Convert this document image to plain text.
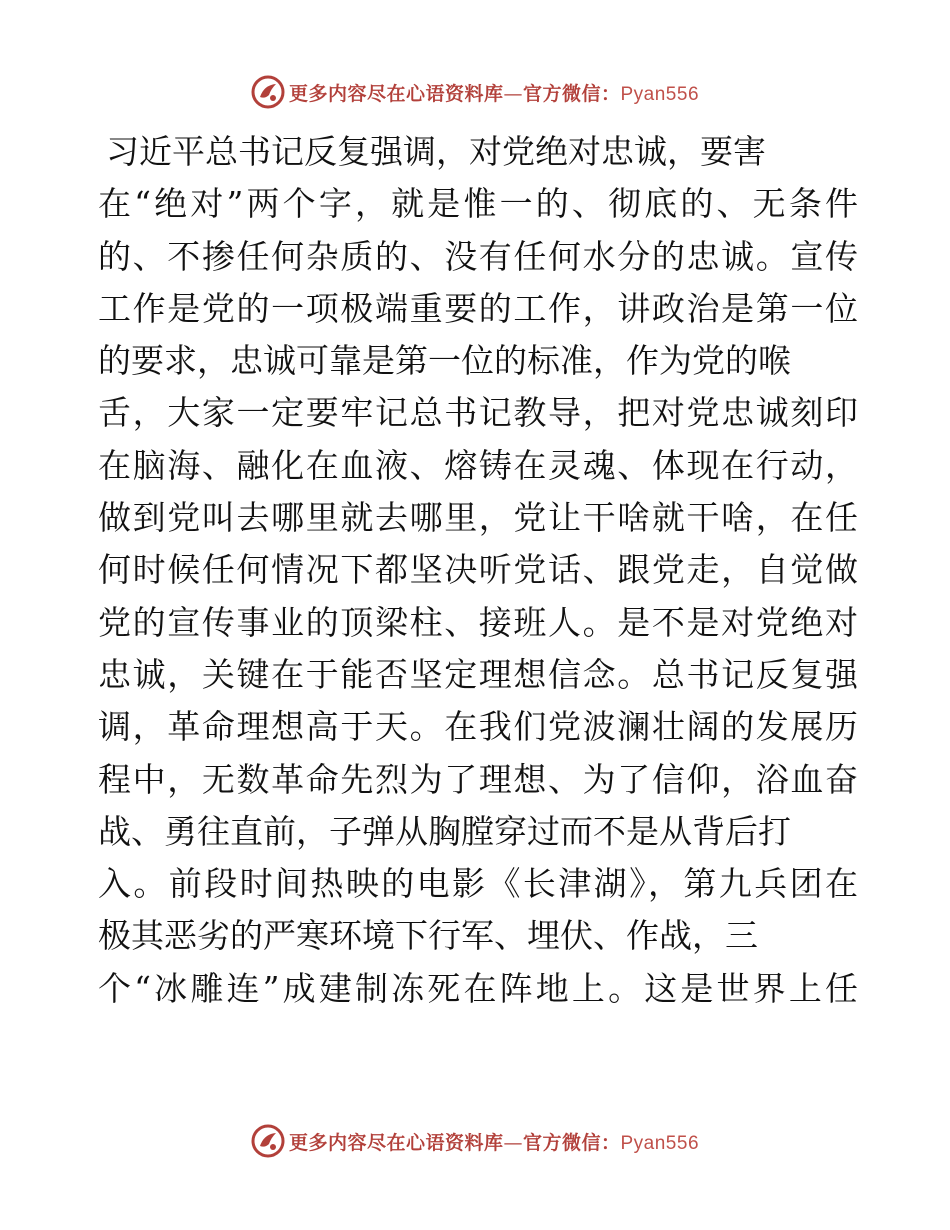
更多内容尽在心语资料库—官方微信：Pyan556
习近平总书记反复强调，对党绝对忠诚，要害
在“绝对”两个字，就是惟一的、彻底的、无条件
的、不掺任何杂质的、没有任何水分的忠诚。宣传
工作是党的一项极端重要的工作，讲政治是第一位
的要求，忠诚可靠是第一位的标准，作为党的喉
舌，大家一定要牢记总书记教导，把对党忠诚刻印
在脑海、融化在血液、熔铸在灵魂、体现在行动，
做到党叫去哪里就去哪里，党让干啥就干啥，在任
何时候任何情况下都坚决听党话、跟党走，自觉做
党的宣传事业的顶梁柱、接班人。是不是对党绝对
忠诚，关键在于能否坚定理想信念。总书记反复强
调，革命理想高于天。在我们党波澜壮阔的发展历
程中，无数革命先烈为了理想、为了信仰，浴血奋
战、勇往直前，子弹从胸膛穿过而不是从背后打
入。前段时间热映的电影《长津湖》，第九兵团在
极其恶劣的严寒环境下行军、埋伏、作战，三
个“冰雕连”成建制冻死在阵地上。这是世界上任
更多内容尽在心语资料库—官方微信：Pyan556
